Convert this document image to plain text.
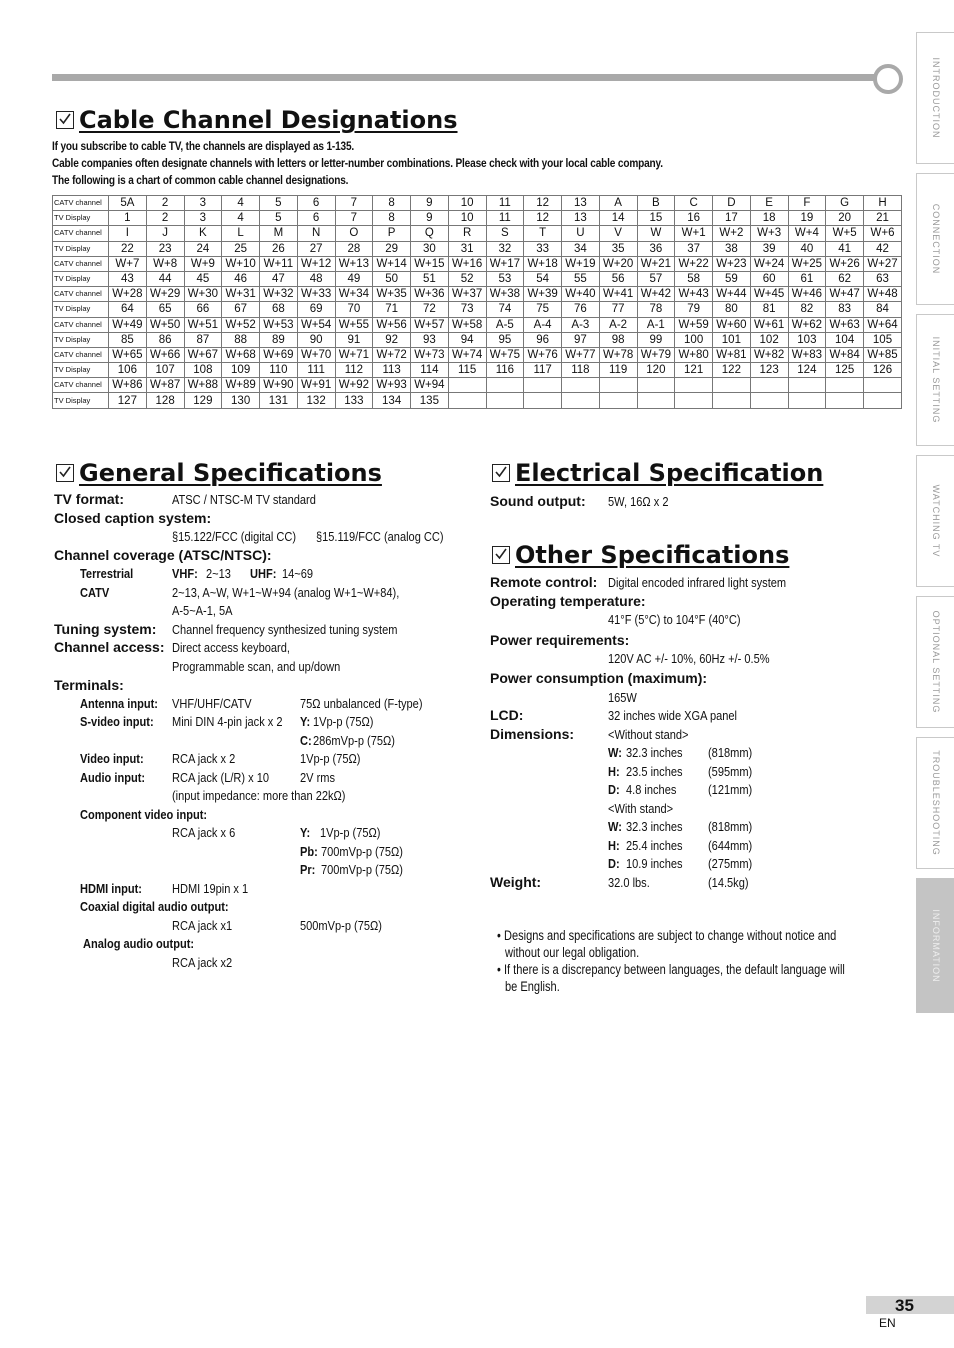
INTRODUCTION
CONNECTION
INITIAL SETTING
WATCHING TV
OPTIONAL SETTING
TROUBLESHOOTING
INFORMATION
Cable Channel Designations
If you subscribe to cable TV, the channels are displayed as 1-135.
Cable companies often designate channels with letters or letter-number combinations. Please check with your local cable company.
The following is a chart of common cable channel designations.
CATV channel	5A	2	3	4	5	6	7	8	9	10	11	12	13	A	B	C	D	E	F	G	H
TV Display	1	2	3	4	5	6	7	8	9	10	11	12	13	14	15	16	17	18	19	20	21
CATV channel	I	J	K	L	M	N	O	P	Q	R	S	T	U	V	W	W+1	W+2	W+3	W+4	W+5	W+6
TV Display	22	23	24	25	26	27	28	29	30	31	32	33	34	35	36	37	38	39	40	41	42
CATV channel	W+7	W+8	W+9	W+10	W+11	W+12	W+13	W+14	W+15	W+16	W+17	W+18	W+19	W+20	W+21	W+22	W+23	W+24	W+25	W+26	W+27
TV Display	43	44	45	46	47	48	49	50	51	52	53	54	55	56	57	58	59	60	61	62	63
CATV channel	W+28	W+29	W+30	W+31	W+32	W+33	W+34	W+35	W+36	W+37	W+38	W+39	W+40	W+41	W+42	W+43	W+44	W+45	W+46	W+47	W+48
TV Display	64	65	66	67	68	69	70	71	72	73	74	75	76	77	78	79	80	81	82	83	84
CATV channel	W+49	W+50	W+51	W+52	W+53	W+54	W+55	W+56	W+57	W+58	A-5	A-4	A-3	A-2	A-1	W+59	W+60	W+61	W+62	W+63	W+64
TV Display	85	86	87	88	89	90	91	92	93	94	95	96	97	98	99	100	101	102	103	104	105
CATV channel	W+65	W+66	W+67	W+68	W+69	W+70	W+71	W+72	W+73	W+74	W+75	W+76	W+77	W+78	W+79	W+80	W+81	W+82	W+83	W+84	W+85
TV Display	106	107	108	109	110	111	112	113	114	115	116	117	118	119	120	121	122	123	124	125	126
CATV channel	W+86	W+87	W+88	W+89	W+90	W+91	W+92	W+93	W+94												
TV Display	127	128	129	130	131	132	133	134	135												
General Specifications
TV format:	ATSC / NTSC-M TV standard
Closed caption system:
§15.122/FCC (digital CC) §15.119/FCC (analog CC)
Channel coverage (ATSC/NTSC):
Terrestrial	VHF: 2~13 UHF: 14~69
CATV	2~13, A~W, W+1~W+94 (analog W+1~W+84),
A-5~A-1, 5A
Tuning system: Channel frequency synthesized tuning system
Channel access: Direct access keyboard,
Programmable scan, and up/down
Terminals:
Antenna input: VHF/UHF/CATV	75Ω unbalanced (F-type)
S-video input: Mini DIN 4-pin jack x 2 Y: 1Vp-p (75Ω)
C: 286mVp-p (75Ω)
Video input: RCA jack x 2	1Vp-p (75Ω)
Audio input: RCA jack (L/R) x 10 2V rms
(input impedance: more than 22kΩ)
Component video input:
RCA jack x 6	Y: 1Vp-p (75Ω)
Pb: 700mVp-p (75Ω)
Pr: 700mVp-p (75Ω)
HDMI input: HDMI 19pin x 1
Coaxial digital audio output:
RCA jack x1	500mVp-p (75Ω)
Analog audio output:
RCA jack x2
Electrical Specification
Sound output: 5W, 16Ω x 2
Other Specifications
Remote control: Digital encoded infrared light system
Operating temperature:
41°F (5°C) to 104°F (40°C)
Power requirements:
120V AC +/- 10%, 60Hz +/- 0.5%
Power consumption (maximum):
165W
LCD:	32 inches wide XGA panel
Dimensions:	<Without stand>
W: 32.3 inches (818mm)
H: 23.5 inches (595mm)
D: 4.8 inches (121mm)
<With stand>
W: 32.3 inches (818mm)
H: 25.4 inches (644mm)
D: 10.9 inches (275mm)
Weight:	32.0 lbs.	(14.5kg)
• Designs and specifications are subject to change without notice and
without our legal obligation.
• If there is a discrepancy between languages, the default language will
be English.
35
EN
